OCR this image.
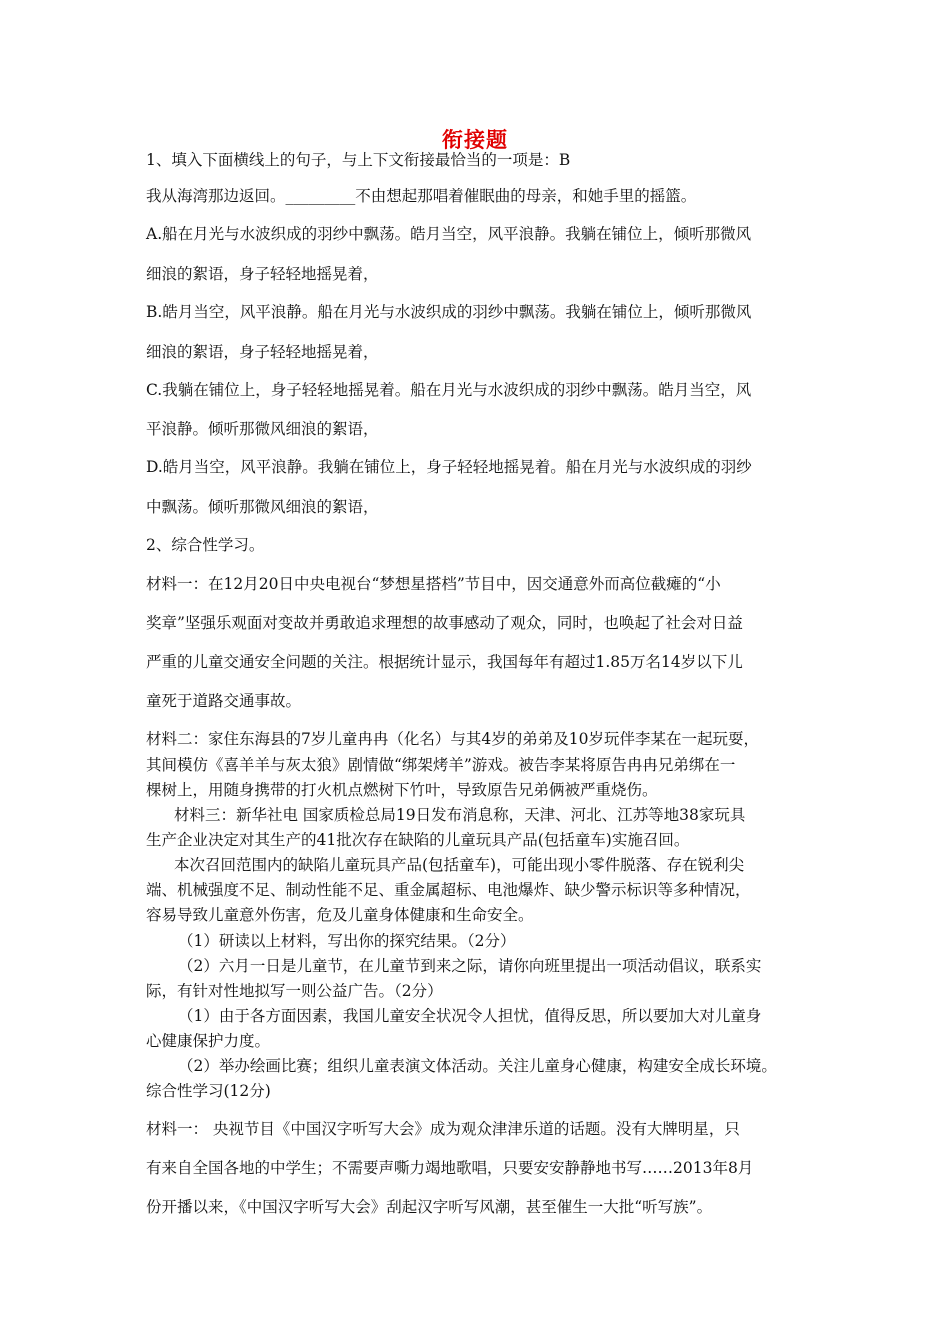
衔接题
1、填入下面横线上的句子，与上下文衔接最恰当的一项是：B
我从海湾那边返回。_________不由想起那唱着催眠曲的母亲，和她手里的摇篮。
A.船在月光与水波织成的羽纱中飘荡。皓月当空，风平浪静。我躺在铺位上，倾听那微风
细浪的絮语，身子轻轻地摇晃着，
B.皓月当空，风平浪静。船在月光与水波织成的羽纱中飘荡。我躺在铺位上，倾听那微风
细浪的絮语，身子轻轻地摇晃着，
C.我躺在铺位上，身子轻轻地摇晃着。船在月光与水波织成的羽纱中飘荡。皓月当空，风
平浪静。倾听那微风细浪的絮语，
D.皓月当空，风平浪静。我躺在铺位上，身子轻轻地摇晃着。船在月光与水波织成的羽纱
中飘荡。倾听那微风细浪的絮语，
2、综合性学习。
材料一：在12月20日中央电视台“梦想星搭档”节目中，因交通意外而高位截瘫的“小
奖章”坚强乐观面对变故并勇敢追求理想的故事感动了观众，同时，也唤起了社会对日益
严重的儿童交通安全问题的关注。根据统计显示，我国每年有超过1.85万名14岁以下儿
童死于道路交通事故。
材料二：家住东海县的7岁儿童冉冉（化名）与其4岁的弟弟及10岁玩伴李某在一起玩耍，
其间模仿《喜羊羊与灰太狼》剧情做“绑架烤羊”游戏。被告李某将原告冉冉兄弟绑在一
棵树上，用随身携带的打火机点燃树下竹叶，导致原告兄弟俩被严重烧伤。
材料三：新华社电 国家质检总局19日发布消息称，天津、河北、江苏等地38家玩具
生产企业决定对其生产的41批次存在缺陷的儿童玩具产品(包括童车)实施召回。
本次召回范围内的缺陷儿童玩具产品(包括童车)，可能出现小零件脱落、存在锐利尖
端、机械强度不足、制动性能不足、重金属超标、电池爆炸、缺少警示标识等多种情况，
容易导致儿童意外伤害，危及儿童身体健康和生命安全。
（1）研读以上材料，写出你的探究结果。（2分）
（2）六月一日是儿童节，在儿童节到来之际，请你向班里提出一项活动倡议，联系实
际，有针对性地拟写一则公益广告。（2分）
（1）由于各方面因素，我国儿童安全状况令人担忧，值得反思，所以要加大对儿童身
心健康保护力度。
（2）举办绘画比赛；组织儿童表演文体活动。关注儿童身心健康，构建安全成长环境。
综合性学习(12分)
材料一： 央视节目《中国汉字听写大会》成为观众津津乐道的话题。没有大牌明星，只
有来自全国各地的中学生；不需要声嘶力竭地歌唱，只要安安静静地书写……2013年8月
份开播以来，《中国汉字听写大会》刮起汉字听写风潮，甚至催生一大批“听写族”。
